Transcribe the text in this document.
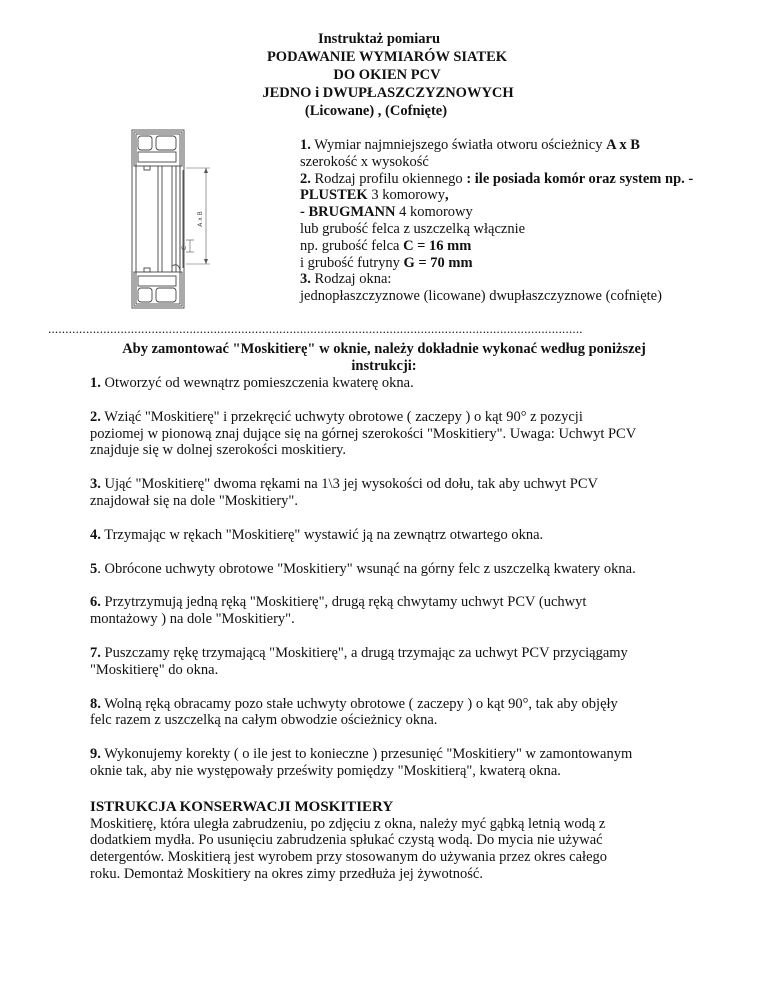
Instruktaż pomiaru
PODAWANIE WYMIARÓW SIATEK
DO OKIEN PCV
JEDNO i DWUPŁASZCZYZNOWYCH
(Licowane) , (Cofnięte)
A x B
C
1. Wymiar najmniejszego światła otworu ościeżnicy A x B
szerokość x wysokość
2. Rodzaj profilu okiennego : ile posiada komór oraz system np. -
PLUSTEK 3 komorowy,
- BRUGMANN 4 komorowy
lub grubość felca z uszczelką włącznie
np. grubość felca C = 16 mm
i grubość futryny G = 70 mm
3. Rodzaj okna:
jednopłaszczyznowe (licowane) dwupłaszczyznowe (cofnięte)
...........................................................................................................................................................
Aby zamontować "Moskitierę" w oknie, należy dokładnie wykonać według poniższej
instrukcji:
1. Otworzyć od wewnątrz pomieszczenia kwaterę okna.
2. Wziąć "Moskitierę" i przekręcić uchwyty obrotowe ( zaczepy ) o kąt 90° z pozycji
poziomej w pionową znaj dujące się na górnej szerokości "Moskitiery". Uwaga: Uchwyt PCV
znajduje się w dolnej szerokości moskitiery.
3. Ująć "Moskitierę" dwoma rękami na 1\3 jej wysokości od dołu, tak aby uchwyt PCV
znajdował się na dole "Moskitiery".
4. Trzymając w rękach "Moskitierę" wystawić ją na zewnątrz otwartego okna.
5. Obrócone uchwyty obrotowe "Moskitiery" wsunąć na górny felc z uszczelką kwatery okna.
6. Przytrzymują jedną ręką "Moskitierę", drugą ręką chwytamy uchwyt PCV (uchwyt
montażowy ) na dole "Moskitiery".
7. Puszczamy rękę trzymającą "Moskitierę", a drugą trzymając za uchwyt PCV przyciągamy
"Moskitierę" do okna.
8. Wolną ręką obracamy pozo stałe uchwyty obrotowe ( zaczepy ) o kąt 90°, tak aby objęły
felc razem z uszczelką na całym obwodzie ościeżnicy okna.
9. Wykonujemy korekty ( o ile jest to konieczne ) przesunięć "Moskitiery" w zamontowanym
oknie tak, aby nie występowały prześwity pomiędzy "Moskitierą", kwaterą okna.
ISTRUKCJA KONSERWACJI MOSKITIERY
Moskitierę, która uległa zabrudzeniu, po zdjęciu z okna, należy myć gąbką letnią wodą z
dodatkiem mydła. Po usunięciu zabrudzenia spłukać czystą wodą. Do mycia nie używać
detergentów. Moskitierą jest wyrobem przy stosowanym do używania przez okres całego
roku. Demontaż Moskitiery na okres zimy przedłuża jej żywotność.
